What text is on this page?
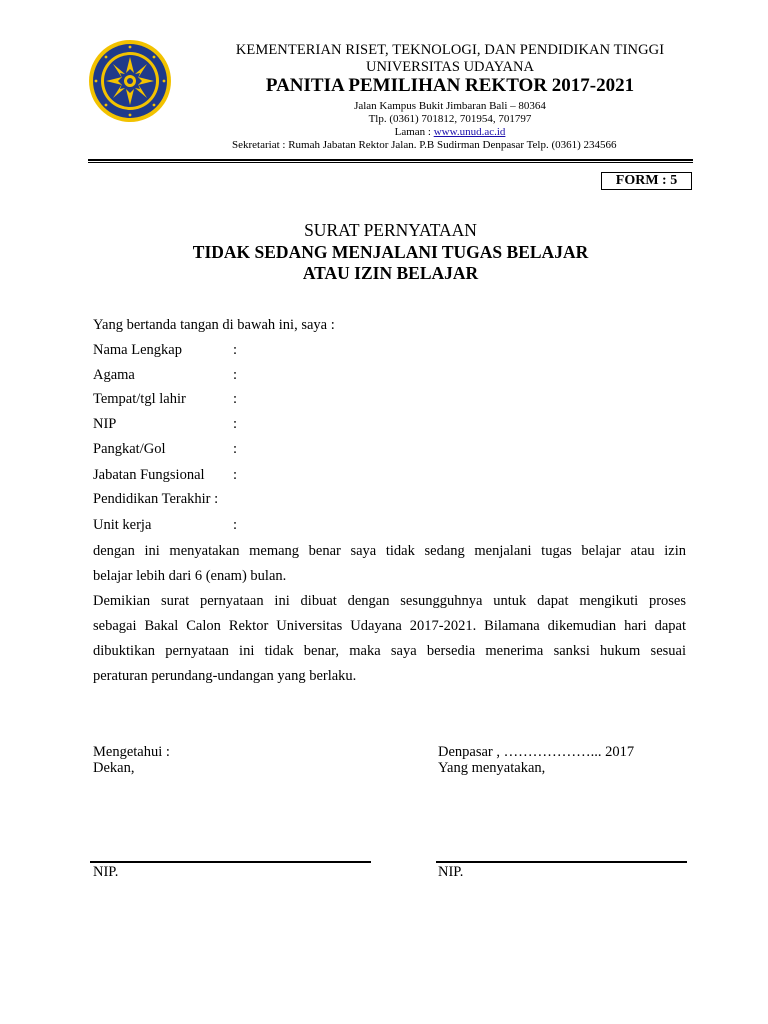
KEMENTERIAN RISET, TEKNOLOGI, DAN PENDIDIKAN TINGGI
UNIVERSITAS UDAYANA
PANITIA PEMILIHAN REKTOR 2017-2021
Jalan Kampus Bukit Jimbaran Bali – 80364
Tlp. (0361) 701812, 701954, 701797
Laman : www.unud.ac.id
Sekretariat : Rumah Jabatan Rektor Jalan. P.B Sudirman Denpasar Telp. (0361) 234566
FORM : 5
SURAT PERNYATAAN
TIDAK SEDANG MENJALANI TUGAS BELAJAR
ATAU IZIN BELAJAR
Yang bertanda tangan di bawah ini, saya :
Nama Lengkap	:
Agama	:
Tempat/tgl lahir	:
NIP	:
Pangkat/Gol	:
Jabatan Fungsional :
Pendidikan Terakhir :
Unit kerja	:
dengan ini menyatakan memang benar saya tidak sedang menjalani tugas belajar atau izin
belajar lebih dari 6 (enam) bulan.
Demikian surat pernyataan ini dibuat dengan sesungguhnya untuk dapat mengikuti proses
sebagai Bakal Calon Rektor Universitas Udayana 2017-2021. Bilamana dikemudian hari dapat
dibuktikan pernyataan ini tidak benar, maka saya bersedia menerima sanksi hukum sesuai
peraturan perundang-undangan yang berlaku.
Mengetahui :
Dekan,
Denpasar , ………………... 2017
Yang menyatakan,
NIP.	NIP.
